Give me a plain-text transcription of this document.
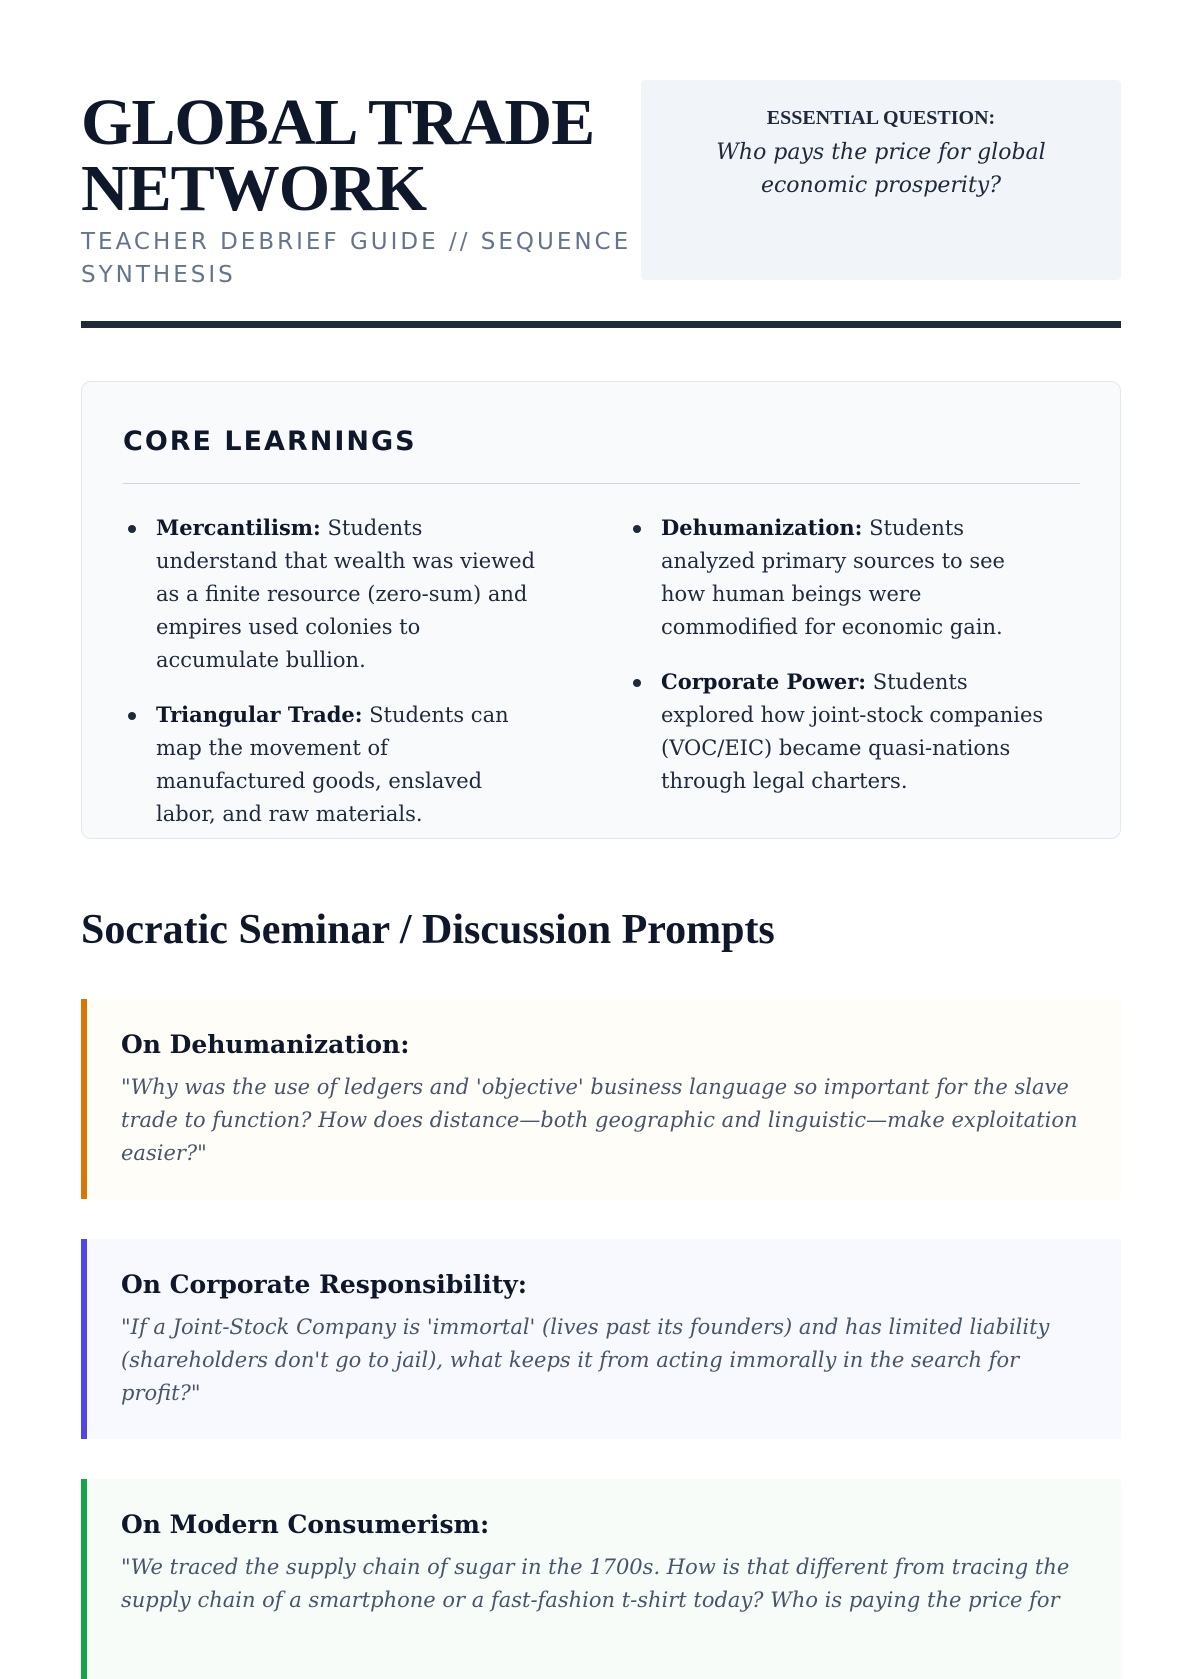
GLOBAL TRADE
NETWORK
TEACHER DEBRIEF GUIDE // SEQUENCE SYNTHESIS
ESSENTIAL QUESTION:
Who pays the price for global economic prosperity?
CORE LEARNINGS
Mercantilism: Students understand that wealth was viewed as a finite resource (zero-sum) and empires used colonies to accumulate bullion.
Triangular Trade: Students can map the movement of manufactured goods, enslaved labor, and raw materials.
Dehumanization: Students analyzed primary sources to see how human beings were commodified for economic gain.
Corporate Power: Students explored how joint-stock companies (VOC/EIC) became quasi-nations through legal charters.
Socratic Seminar / Discussion Prompts
On Dehumanization:

"Why was the use of ledgers and 'objective' business language so important for the slave trade to function? How does distance—both geographic and linguistic—make exploitation easier?"

On Corporate Responsibility:

"If a Joint-Stock Company is 'immortal' (lives past its founders) and has limited liability (shareholders don't go to jail), what keeps it from acting immorally in the search for profit?"

On Modern Consumerism:

"We traced the supply chain of sugar in the 1700s. How is that different from tracing the supply chain of a smartphone or a fast-fashion t-shirt today? Who is paying the price for
